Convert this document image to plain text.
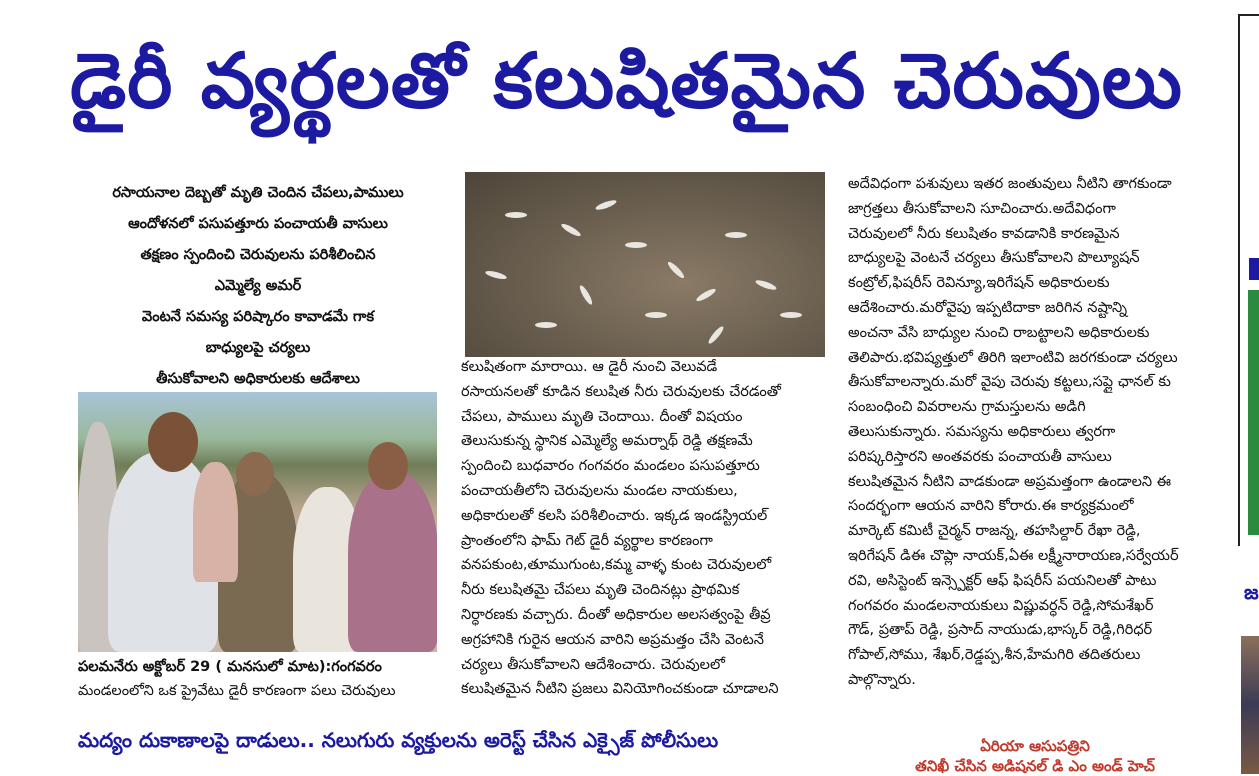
డైరీ వ్యర్థలతో కలుషితమైన చెరువులు
రసాయనాల దెబ్బతో మృతి చెందిన చేపలు,పాములు
ఆందోళనలో పసుపత్తూరు పంచాయతీ వాసులు
తక్షణం స్పందించి చెరువులను పరిశీలించిన
ఎమ్మెల్యే అమర్
వెంటనే సమస్య పరిష్కారం కావాడమే గాక
బాధ్యులపై చర్యలు
తీసుకోవాలని అధికారులకు ఆదేశాలు
పలమనేరు అక్టోబర్ 29 ( మనసులో మాట):గంగవరం
మండలంలోని ఒక ప్రైవేటు డైరీ కారణంగా పలు చెరువులు
కలుషితంగా మారాయి. ఆ డైరీ నుంచి వెలువడే
రసాయనలతో కూడిన కలుషిత నీరు చెరువులకు చేరడంతో
చేపలు, పాములు మృతి చెందాయి. దీంతో విషయం
తెలుసుకున్న స్థానిక ఎమ్మెల్యే అమర్నాథ్ రెడ్డి తక్షణమే
స్పందించి బుధవారం గంగవరం మండలం పసుపత్తూరు
పంచాయతీలోని చెరువులను మండల నాయకులు,
అధికారులతో కలసి పరిశీలించారు. ఇక్కడ ఇండస్ట్రియల్
ప్రాంతంలోని ఫామ్ గెట్ డైరీ వ్యర్థాల కారణంగా
వనపకుంట,తూముగుంట,కమ్మ వాళ్ళ కుంట చెరువులలో
నీరు కలుషితమై చేపలు మృతి చెందినట్లు ప్రాథమిక
నిర్ధారణకు వచ్చారు. దీంతో అధికారుల అలసత్వంపై తీవ్ర
అగ్రహానికి గురైన ఆయన వారిని అప్రమత్తం చేసి వెంటనే
చర్యలు తీసుకోవాలని ఆదేశించారు. చెరువులలో
కలుషితమైన నీటిని ప్రజలు వినియోగించకుండా చూడాలని
అదేవిధంగా పశువులు ఇతర జంతువులు నీటిని తాగకుండా
జాగ్రత్తలు తీసుకోవాలని సూచించారు.అదేవిధంగా
చెరువులలో నీరు కలుషితం కావడానికి కారణమైన
బాధ్యులపై వెంటనే చర్యలు తీసుకోవాలని పొల్యూషన్
కంట్రోల్,ఫిషరీస్ రెవిన్యూ,ఇరిగేషన్ అధికారులకు
ఆదేశించారు.మరోవైపు ఇప్పటిదాకా జరిగిన నష్టాన్ని
అంచనా వేసి బాధ్యుల నుంచి రాబట్టాలని అధికారులకు
తెలిపారు.భవిష్యత్తులో తిరిగి ఇలాంటివి జరగకుండా చర్యలు
తీసుకోవాలన్నారు.మరో వైపు చెరువు కట్టలు,సప్లై ఛానల్ కు
సంబంధించి వివరాలను గ్రామస్తులను అడిగి
తెలుసుకున్నారు. సమస్యను అధికారులు త్వరగా
పరిష్కరిస్తారని అంతవరకు పంచాయతీ వాసులు
కలుషితమైన నీటిని వాడకుండా అప్రమత్తంగా ఉండాలని ఈ
సందర్భంగా ఆయన వారిని కోరారు.ఈ కార్యక్రమంలో
మార్కెట్ కమిటీ చైర్మన్ రాజన్న, తహసిల్దార్ రేఖా రెడ్డి,
ఇరిగేషన్ డిఈ చొప్లా నాయక్,ఏఈ లక్ష్మీనారాయణ,సర్వేయర్
రవి, అసిస్టెంట్ ఇన్స్పెక్టర్ ఆఫ్ ఫిషరీస్ పయనిలతో పాటు
గంగవరం మండలనాయకులు విష్ణువర్ధన్ రెడ్డి,సోమశేఖర్
గౌడ్, ప్రతాప్ రెడ్డి, ప్రసాద్ నాయుడు,భాస్కర్ రెడ్డి,గిరిధర్
గోపాల్,సోము, శేఖర్,రెడ్డప్ప,శీన,హేమగిరి తదితరులు
పాల్గొన్నారు.
మద్యం దుకాణాలపై దాడులు.. నలుగురు వ్యక్తులను అరెస్ట్ చేసిన ఎక్సైజ్ పోలీసులు	ఏరియా ఆసుపత్రిని
తనిఖీ చేసిన అడిషనల్ డి ఎం అండ్ హెచ్
జ
